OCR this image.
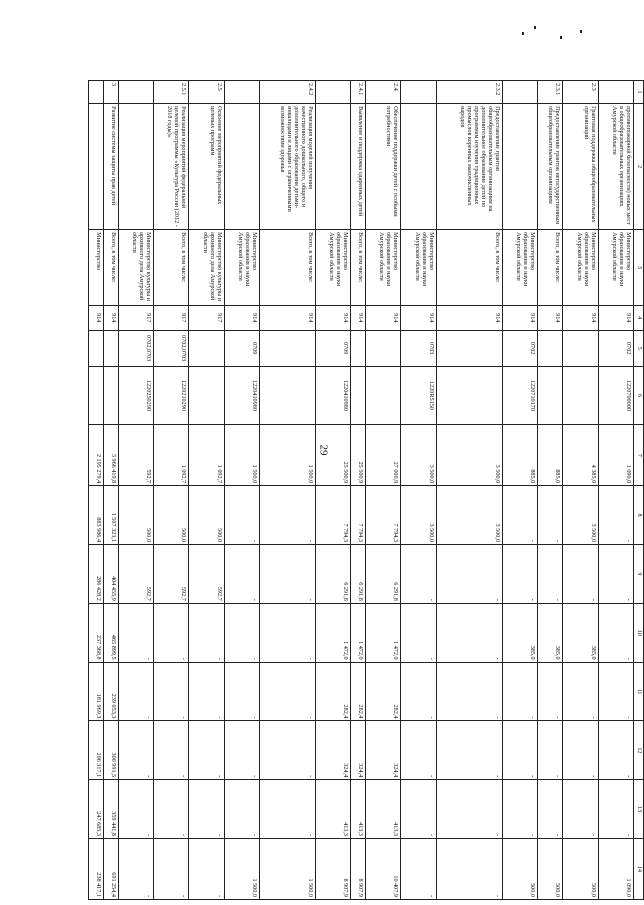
29
1	2	3	4	5	6	7	8	9	10	11	12	13	14
	противопожарной безопасности) новых мест в общеобразовательных организациях Амурской области	Министерство образования и науки Амурской области	914	0702	1220700000	1 090,0	-	-	-	-	-	-	1 090,0
2.3	Грантовая поддержка общеобразовательных организаций	Министерство образования и науки Амурской области	914			4 385,0	3 500,0	-	385,0	-	-	-	500,0
2.3.1	Предоставление грантов негосударственным общеобразовательным организациям	Всего, в том числе:	914			885,0	-	-	385,0	-	-	-	500,0
		Министерство образования и науки Амурской области	914	0702	1220710170	885,0	-	-	385,0	-	-	-	500,0
2.3.2	Предоставление грантов общеобразовательным организациям на дополнительное образование детей по программам изучения традиционных промыслов коренных малочисленных народов	Всего, в том числе:	914			3 500,0	3 500,0	-	-	-	-	-	-
		Министерство образования и науки Амурской области	914	0703	1220R5150	3 500,0	3 500,0	-	-	-	-	-	-
2.4	Обеспечение поддержки детей с особыми потребностями	Министерство образования и науки Амурской области	914			27 000,9	7 794,3	6 291,8	1 472,0	282,4	324,4	413,3	10 407,9
2.4.1	Выявление и поддержка одаренных детей	Всего, в том числе:	914			25 500,9	7 794,3	6 291,8	1 472,0	282,4	324,4	413,3	8 907,9
		Министерство образования и науки Амурской области	914	0709	1220410980	25 500,9	7 794,3	6 291,8	1 472,0	282,4	324,4	413,3	8 907,9
2.4.2	Реализация моделей получения качественного дошкольного, общего и дополнительного образования детьми-инвалидами и лицами с ограниченными возможностями здоровья	Всего, в том числе:	914			1 500,0	-	-	-	-	-	-	1 500,0
		Министерство образования и науки Амурской области	914	0709	1220410980	1 500,0	-	-	-	-	-	-	1 500,0
2.5	Освоение мероприятий федеральных целевых программ	Министерство культуры и архивного дела Амурской области	917			1 092,7	500,0	592,7	-	-	-	-	-
2.5.1	Реализация мероприятий федеральной целевой программы «Культура России (2012 - 2018 годы)»	Всего, в том числе:	917	0702,0703	1220210290	1 092,7	500,0	592,7	-	-	-	-	-
		Министерство культуры и архивного дела Амурской области	917	0702,0703	1220250290	592,7	500,0	592,7	-	-	-	-	-
3	Развитие системы защиты прав детей	Всего, в том числе:	914			3 966 419,8	1 507 323,1	404 455,9	465 899,5	239 053,3	300 991,5	359 441,8	691 254,4
		Министерство	914			2 195 279,4	883 986,4	286 428,2	237 368,8	181 969,3	206 317,1	247 685,3	238 417,1
